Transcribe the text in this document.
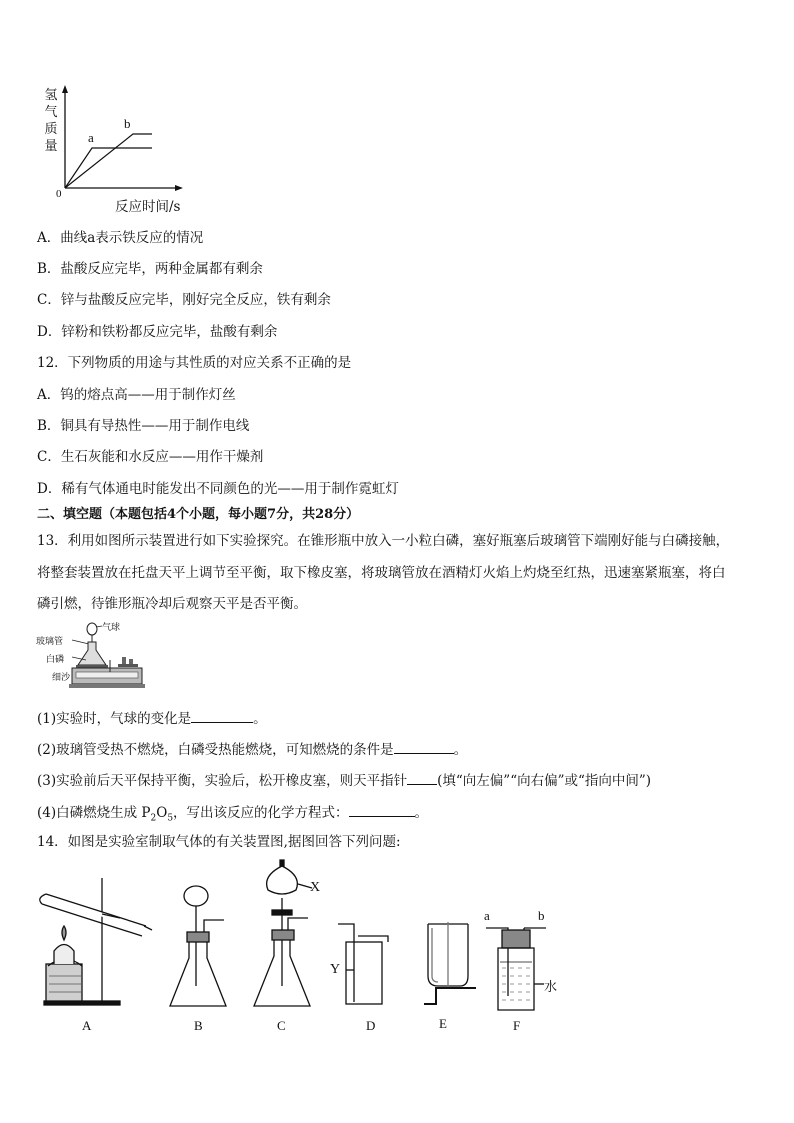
氢
气
质
量
0
a
b
反应时间/s
A．曲线a表示铁反应的情况
B．盐酸反应完毕，两种金属都有剩余
C．锌与盐酸反应完毕，刚好完全反应，铁有剩余
D．锌粉和铁粉都反应完毕，盐酸有剩余
12．下列物质的用途与其性质的对应关系不正确的是
A．钨的熔点高——用于制作灯丝
B．铜具有导热性——用于制作电线
C．生石灰能和水反应——用作干燥剂
D．稀有气体通电时能发出不同颜色的光——用于制作霓虹灯
二、填空题（本题包括4个小题，每小题7分，共28分）
13．利用如图所示装置进行如下实验探究。在锥形瓶中放入一小粒白磷，塞好瓶塞后玻璃管下端刚好能与白磷接触，
将整套装置放在托盘天平上调节至平衡，取下橡皮塞，将玻璃管放在酒精灯火焰上灼烧至红热，迅速塞紧瓶塞，将白
磷引燃，待锥形瓶冷却后观察天平是否平衡。
玻璃管
气球
白磷
细沙
(1)实验时，气球的变化是	。
(2)玻璃管受热不燃烧，白磷受热能燃烧，可知燃烧的条件是	。
(3)实验前后天平保持平衡，实验后，松开橡皮塞，则天平指针 (填“向左偏”“向右偏”或“指向中间”)
(4)白磷燃烧生成 $P_2O_5$，写出该反应的化学方程式：	。
14．如图是实验室制取气体的有关装置图,据图回答下列问题:
X
Y
a	b
水
A	B	C	D	E	F
